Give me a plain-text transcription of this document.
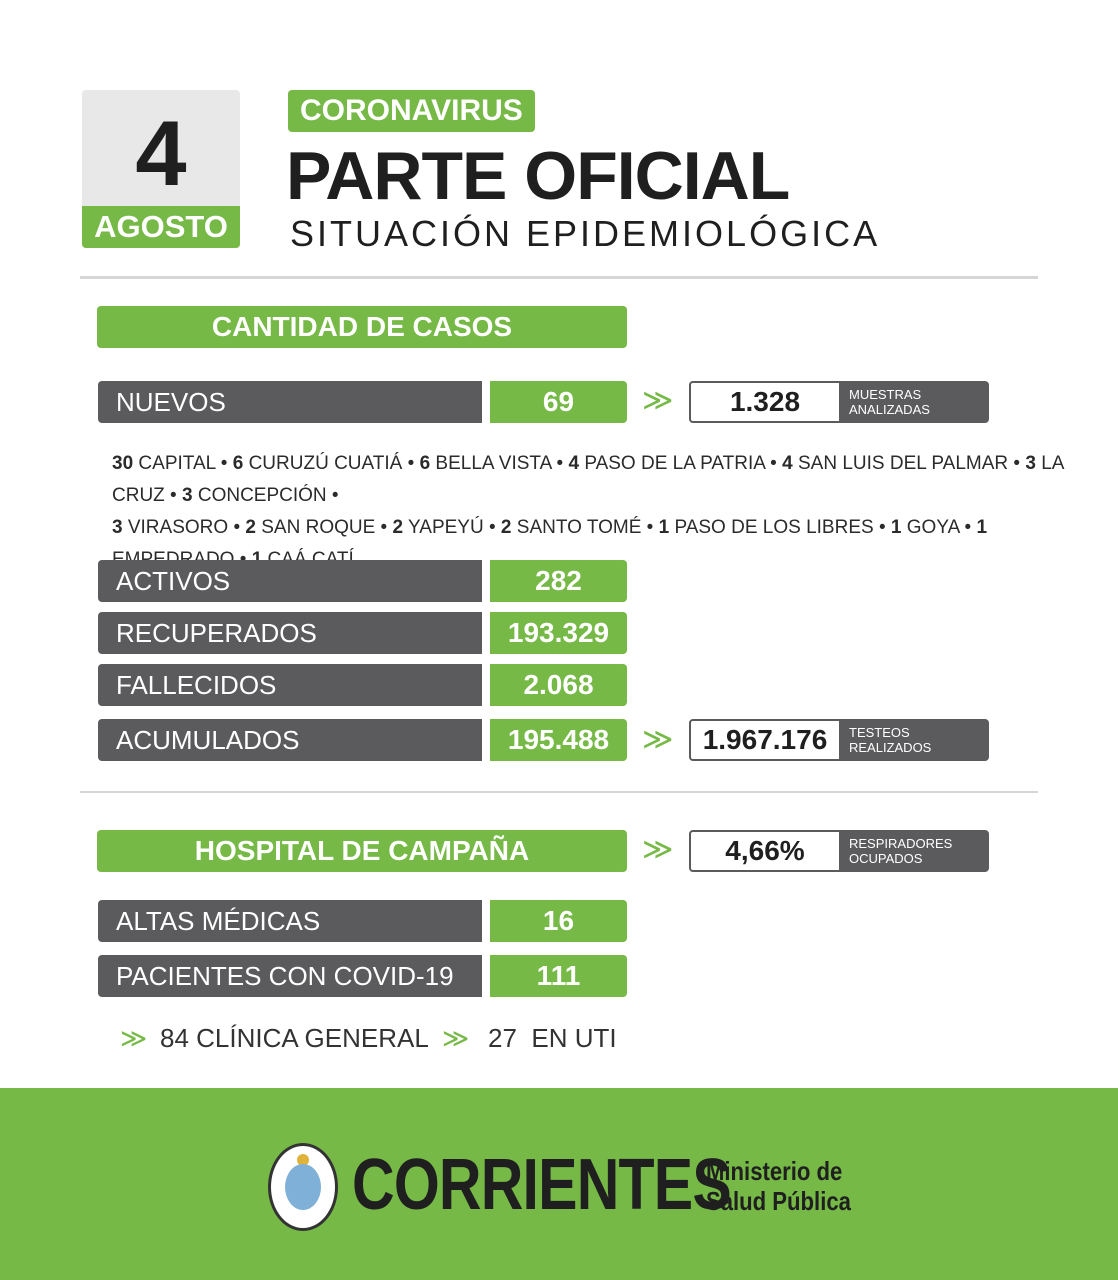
4
AGOSTO
CORONAVIRUS
PARTE OFICIAL
SITUACIÓN EPIDEMIOLÓGICA
CANTIDAD DE CASOS
NUEVOS	69	≫	1.328	MUESTRAS
ANALIZADAS
30 CAPITAL • 6 CURUZÚ CUATIÁ • 6 BELLA VISTA • 4 PASO DE LA PATRIA • 4 SAN LUIS DEL PALMAR • 3 LA CRUZ • 3 CONCEPCIÓN •
3 VIRASORO • 2 SAN ROQUE • 2 YAPEYÚ • 2 SANTO TOMÉ • 1 PASO DE LOS LIBRES • 1 GOYA • 1
ACTIVOS	282
RECUPERADOS	193.329
FALLECIDOS	2.068
ACUMULADOS	195.488	≫	1.967.176	TESTEOS
REALIZADOS
HOSPITAL DE CAMPAÑA	≫	4,66%	RESPIRADORES
OCUPADOS
ALTAS MÉDICAS	16
PACIENTES CON COVID-19	111
≫ 84 CLÍNICA GENERAL ≫ 27  EN UTI
CORRIENTES
Ministerio de
Salud Pública
